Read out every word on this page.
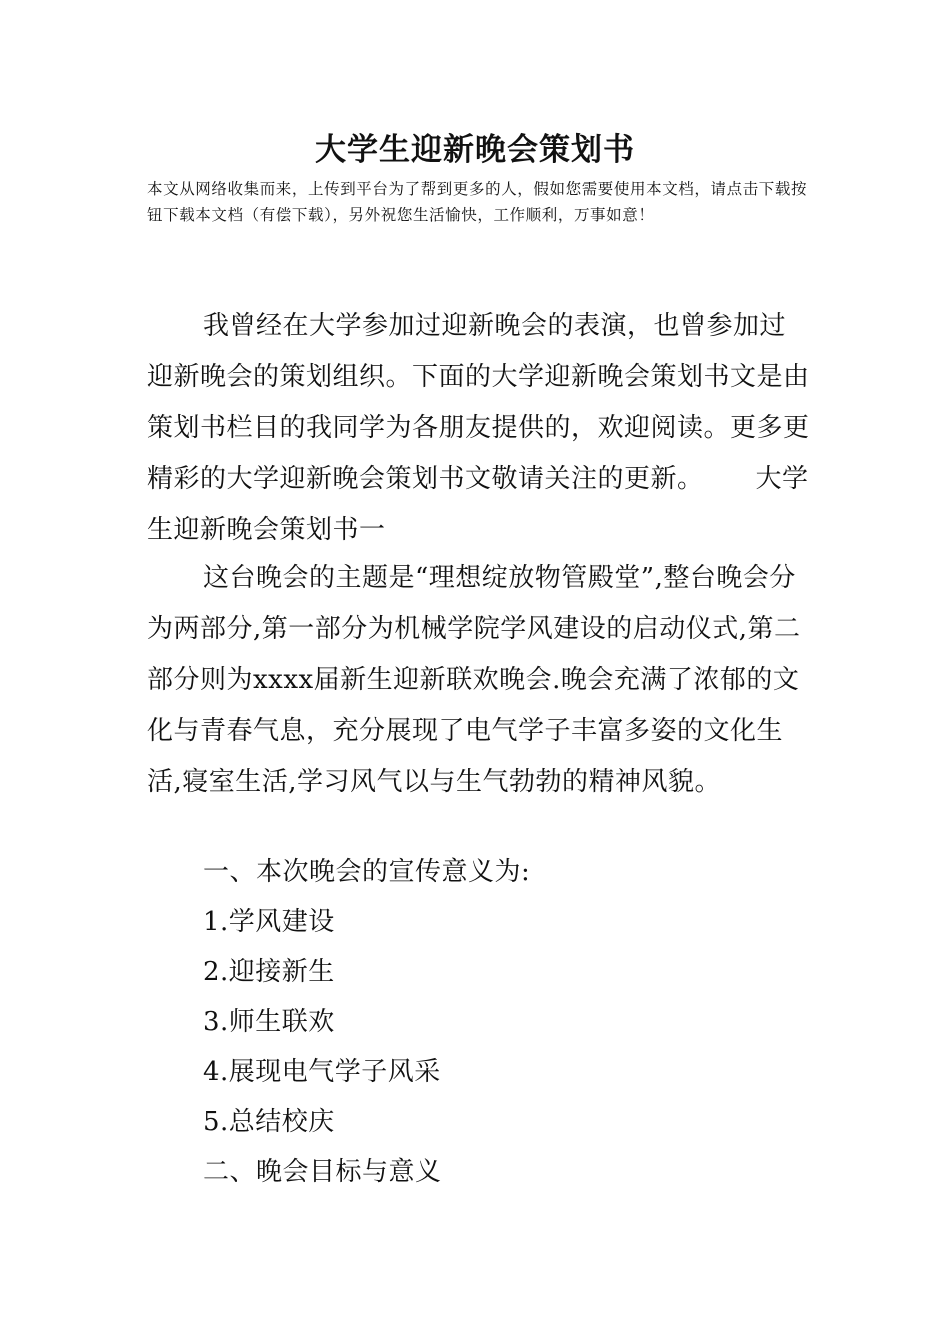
大学生迎新晚会策划书

本文从网络收集而来，上传到平台为了帮到更多的人，假如您需要使用本文档，请点击下载按钮下载本文档（有偿下载），另外祝您生活愉快，工作顺利，万事如意！

我曾经在大学参加过迎新晚会的表演，也曾参加过迎新晚会的策划组织。下面的大学迎新晚会策划书文是由策划书栏目的我同学为各朋友提供的，欢迎阅读。更多更精彩的大学迎新晚会策划书文敬请关注的更新。 大学生迎新晚会策划书一

这台晚会的主题是“理想绽放物管殿堂”,整台晚会分为两部分,第一部分为机械学院学风建设的启动仪式,第二部分则为xxxx届新生迎新联欢晚会.晚会充满了浓郁的文化与青春气息，充分展现了电气学子丰富多姿的文化生活,寝室生活,学习风气以与生气勃勃的精神风貌。

一、本次晚会的宣传意义为:

1.学风建设

2.迎接新生

3.师生联欢

4.展现电气学子风采

5.总结校庆

二、晚会目标与意义
